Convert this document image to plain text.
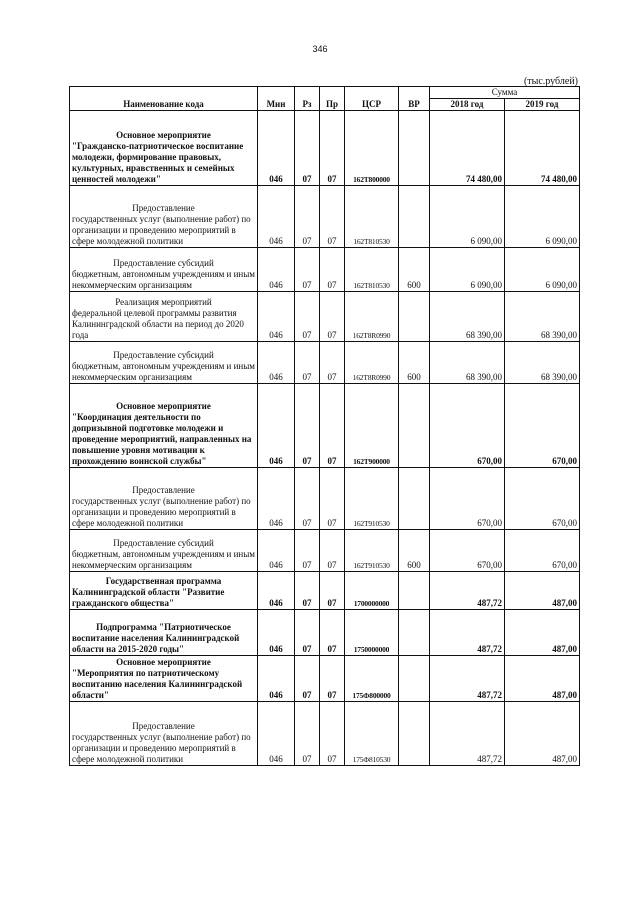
346
(тыс.рублей)
Наименование кода	Мин	Рз	Пр	ЦСР	ВР	Сумма	
						2018 год	2019 год

Основное мероприятие
"Гражданско-патриотическое воспитание молодежи, формирование правовых, культурных, нравственных и семейных ценностей молодежи"	046	07	07	162Т800000		74 480,00	74 480,00

Предоставление
государственных услуг (выполнение работ) по организации и проведению мероприятий в сфере молодежной политики	046	07	07	162Т810530		6 090,00	6 090,00

Предоставление субсидий
бюджетным, автономным учреждениям и иным некоммерческим организациям	046	07	07	162Т810530	600	6 090,00	6 090,00

Реализация мероприятий
федеральной целевой программы развития Калининградской области на период до 2020 года	046	07	07	162Т8R0990		68 390,00	68 390,00

Предоставление субсидий
бюджетным, автономным учреждениям и иным некоммерческим организациям	046	07	07	162Т8R0990	600	68 390,00	68 390,00

Основное мероприятие
"Координация деятельности по допризывной подготовке молодежи и проведение мероприятий, направленных на повышение уровня мотивации к прохождению воинской службы"	046	07	07	162Т900000		670,00	670,00

Предоставление
государственных услуг (выполнение работ) по организации и проведению мероприятий в сфере молодежной политики	046	07	07	162Т910530		670,00	670,00

Предоставление субсидий
бюджетным, автономным учреждениям и иным некоммерческим организациям	046	07	07	162Т910530	600	670,00	670,00

Государственная программа
Калининградской области "Развитие гражданского общества"	046	07	07	1700000000		487,72	487,00

Подпрограмма "Патриотическое
воспитание населения Калининградской области на 2015-2020 годы"	046	07	07	1750000000		487,72	487,00

Основное мероприятие
"Мероприятия по патриотическому воспитанию населения Калининградской области"	046	07	07	175Ф800000		487,72	487,00

Предоставление
государственных услуг (выполнение работ) по организации и проведению мероприятий в сфере молодежной политики	046	07	07	175Ф810530		487,72	487,00
